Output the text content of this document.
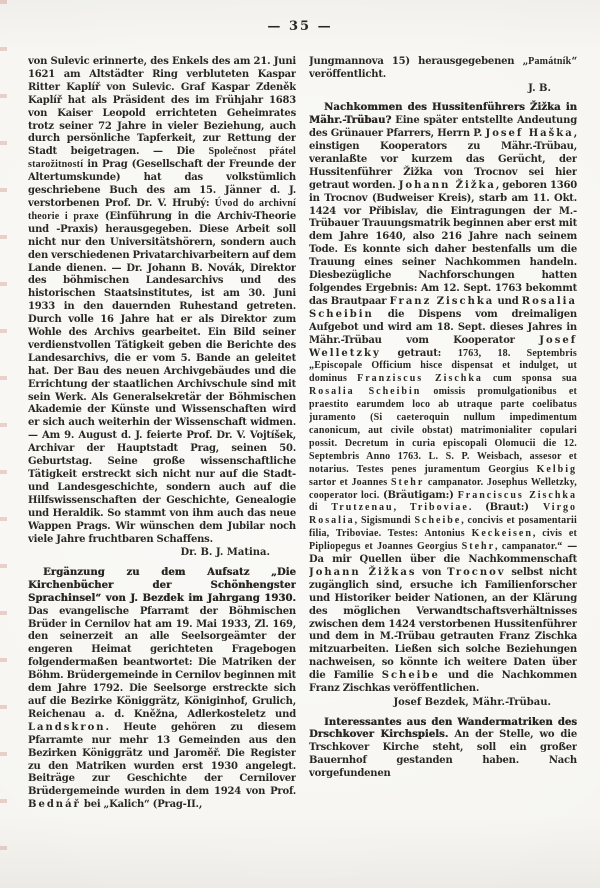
— 35 —

von Sulevic erinnerte, des Enkels des am 21. Juni 1621 am Altstädter Ring verbluteten Kaspar Ritter Kaplíř von Sulevic. Graf Kaspar Zdeněk Kaplíř hat als Präsident des im Frühjahr 1683 von Kaiser Leopold errichteten Geheimrates trotz seiner 72 Jahre in vieler Beziehung, auch durch persönliche Tapferkeit, zur Rettung der Stadt beigetragen. — Die Společnost přátel starožitností in Prag (Gesellschaft der Freunde der Altertumskunde) hat das volkstümlich geschriebene Buch des am 15. Jänner d. J. verstorbenen Prof. Dr. V. Hrubý: Úvod do archivní theorie i praxe (Einführung in die Archiv-Theorie und -Praxis) herausgegeben. Diese Arbeit soll nicht nur den Universitätshörern, sondern auch den verschiedenen Privatarchivarbeitern auf dem Lande dienen. — Dr. Johann B. Novák, Direktor des böhmischen Landesarchivs und des historischen Staatsinstitutes, ist am 30. Juni 1933 in den dauernden Ruhestand getreten. Durch volle 16 Jahre hat er als Direktor zum Wohle des Archivs gearbeitet. Ein Bild seiner verdienstvollen Tätigkeit geben die Berichte des Landesarchivs, die er vom 5. Bande an geleitet hat. Der Bau des neuen Archivgebäudes und die Errichtung der staatlichen Archivschule sind mit sein Werk. Als Generalsekretär der Böhmischen Akademie der Künste und Wissenschaften wird er sich auch weiterhin der Wissenschaft widmen. — Am 9. August d. J. feierte Prof. Dr. V. Vojtíšek, Archivar der Hauptstadt Prag, seinen 50. Geburtstag. Seine große wissenschaftliche Tätigkeit erstreckt sich nicht nur auf die Stadt- und Landesgeschichte, sondern auch auf die Hilfswissenschaften der Geschichte, Genealogie und Heraldik. So stammt von ihm auch das neue Wappen Prags. Wir wünschen dem Jubilar noch viele Jahre fruchtbaren Schaffens.

Dr. B. J. Matina.

Ergänzung zu dem Aufsatz „Die Kirchenbücher der Schönhengster Sprachinsel“ von J. Bezdek im Jahrgang 1930. Das evangelische Pfarramt der Böhmischen Brüder in Cernilov hat am 19. Mai 1933, Zl. 169, den seinerzeit an alle Seelsorgeämter der engeren Heimat gerichteten Fragebogen folgendermaßen beantwortet: Die Matriken der Böhm. Brüdergemeinde in Cernilov beginnen mit dem Jahre 1792. Die Seelsorge erstreckte sich auf die Bezirke Königgrätz, Königinhof, Grulich, Reichenau a. d. Kněžna, Adlerkosteletz und Landskron. Heute gehören zu diesem Pfarramte nur mehr 13 Gemeinden aus den Bezirken Königgrätz und Jaroměř. Die Register zu den Matriken wurden erst 1930 angelegt. Beiträge zur Geschichte der Cernilover Brüdergemeinde wurden in dem 1924 von Prof. Bednář bei „Kalich“ (Prag-II.,

Jungmannova 15) herausgegebenen „Památník“ veröffentlicht.

J. B.

Nachkommen des Hussitenführers Žižka in Mähr.-Trübau? Eine später entstellte Andeutung des Grünauer Pfarrers, Herrn P. Josef Haška, einstigen Kooperators zu Mähr.-Trübau, veranlaßte vor kurzem das Gerücht, der Hussitenführer Žižka von Trocnov sei hier getraut worden. Johann Žižka, geboren 1360 in Trocnov (Budweiser Kreis), starb am 11. Okt. 1424 vor Přibislav, die Eintragungen der M.-Trübauer Trauungsmatrik beginnen aber erst mit dem Jahre 1640, also 216 Jahre nach seinem Tode. Es konnte sich daher bestenfalls um die Trauung eines seiner Nachkommen handeln. Diesbezügliche Nachforschungen hatten folgendes Ergebnis: Am 12. Sept. 1763 bekommt das Brautpaar Franz Zischka und Rosalia Scheibin die Dispens vom dreimaligen Aufgebot und wird am 18. Sept. dieses Jahres in Mähr.-Trübau vom Kooperator Josef Welletzky getraut: 1763, 18. Septembris „Episcopale Officium hisce dispensat et indulget, ut dominus Franziscus Zischka cum sponsa sua Rosalia Scheibin omissis promulgationibus et praestito earumdem loco ab utraque parte coelibatus juramento (Si caeteroquin nullum impedimentum canonicum, aut civile obstat) matrimonialiter copulari possit. Decretum in curia episcopali Olomucii die 12. Septembris Anno 1763. L. S. P. Weisbach, assesor et notarius. Testes penes juramentum Georgius Kelbig sartor et Joannes Stehr campanator. Josephus Welletzky, cooperator loci. (Bräutigam:) Franciscus Zischka di Trutzenau, Triboviae. (Braut:) Virgo Rosalia, Sigismundi Scheibe, concivis et posamentarii filia, Triboviae. Testes: Antonius Keckeisen, civis et Pipliopegus et Joannes Georgius Stehr, campanator.“ — Da mir Quellen über die Nachkommenschaft Johann Žižkas von Trocnov selbst nicht zugänglich sind, ersuche ich Familienforscher und Historiker beider Nationen, an der Klärung des möglichen Verwandtschaftsverhältnisses zwischen dem 1424 verstorbenen Hussitenführer und dem in M.-Trübau getrauten Franz Zischka mitzuarbeiten. Ließen sich solche Beziehungen nachweisen, so könnte ich weitere Daten über die Familie Scheibe und die Nachkommen Franz Zischkas veröffentlichen.

Josef Bezdek, Mähr.-Trübau.

Interessantes aus den Wandermatriken des Drschkover Kirchspiels. An der Stelle, wo die Trschkover Kirche steht, soll ein großer Bauernhof gestanden haben. Nach vorgefundenen
